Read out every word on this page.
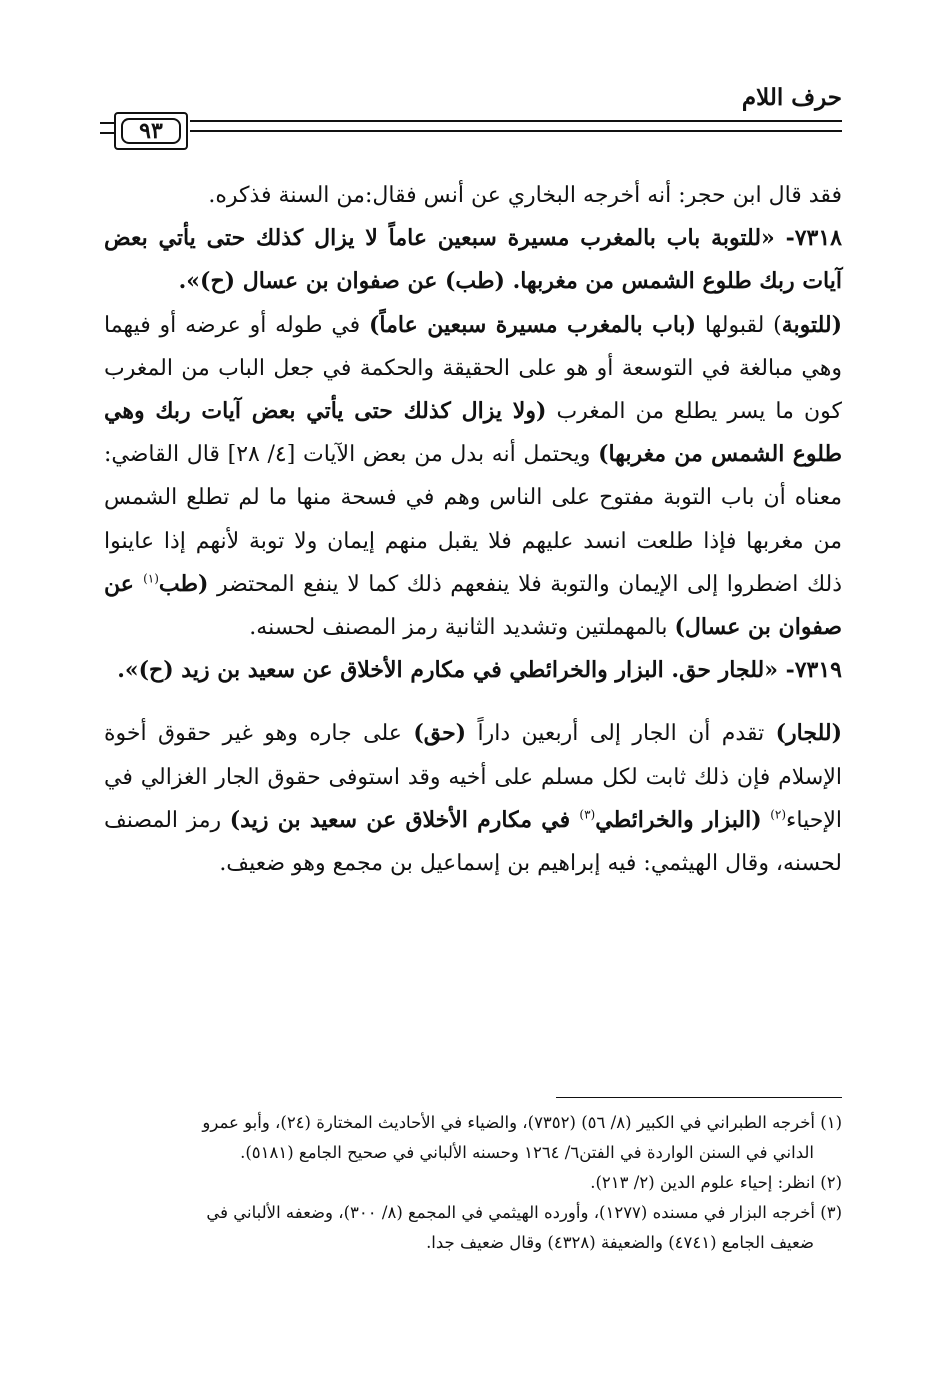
حرف اللام
٩٣

فقد قال ابن حجر: أنه أخرجه البخاري عن أنس فقال:من السنة فذكره.

٧٣١٨- «للتوبة باب بالمغرب مسيرة سبعين عاماً لا يزال كذلك حتى يأتي بعض آيات ربك طلوع الشمس من مغربها. (طب) عن صفوان بن عسال (ح)».

(للتوبة) لقبولها (باب بالمغرب مسيرة سبعين عاماً) في طوله أو عرضه أو فيهما وهي مبالغة في التوسعة أو هو على الحقيقة والحكمة في جعل الباب من المغرب كون ما يسر يطلع من المغرب (ولا يزال كذلك حتى يأتي بعض آيات ربك وهي طلوع الشمس من مغربها) ويحتمل أنه بدل من بعض الآيات [٤/ ٢٨] قال القاضي: معناه أن باب التوبة مفتوح على الناس وهم في فسحة منها ما لم تطلع الشمس من مغربها فإذا طلعت انسد عليهم فلا يقبل منهم إيمان ولا توبة لأنهم إذا عاينوا ذلك اضطروا إلى الإيمان والتوبة فلا ينفعهم ذلك كما لا ينفع المحتضر (طب$^{(١)}$ عن صفوان بن عسال) بالمهملتين وتشديد الثانية رمز المصنف لحسنه.

٧٣١٩- «للجار حق. البزار والخرائطي في مكارم الأخلاق عن سعيد بن زيد (ح)».

(للجار) تقدم أن الجار إلى أربعين داراً (حق) على جاره وهو غير حقوق أخوة الإسلام فإن ذلك ثابت لكل مسلم على أخيه وقد استوفى حقوق الجار الغزالي في الإحياء$^{(٢)}$ (البزار والخرائطي$^{(٣)}$ في مكارم الأخلاق عن سعيد بن زيد) رمز المصنف لحسنه، وقال الهيثمي: فيه إبراهيم بن إسماعيل بن مجمع وهو ضعيف.

(١) أخرجه الطبراني في الكبير (٨/ ٥٦) (٧٣٥٢)، والضياء في الأحاديث المختارة (٢٤)، وأبو عمرو

الداني في السنن الواردة في الفتن٦/ ١٢٦٤ وحسنه الألباني في صحيح الجامع (٥١٨١).

(٢) انظر: إحياء علوم الدين (٢/ ٢١٣).

(٣) أخرجه البزار في مسنده (١٢٧٧)، وأورده الهيثمي في المجمع (٨/ ٣٠٠)، وضعفه الألباني في

ضعيف الجامع (٤٧٤١) والضعيفة (٤٣٢٨) وقال ضعيف جدا.
